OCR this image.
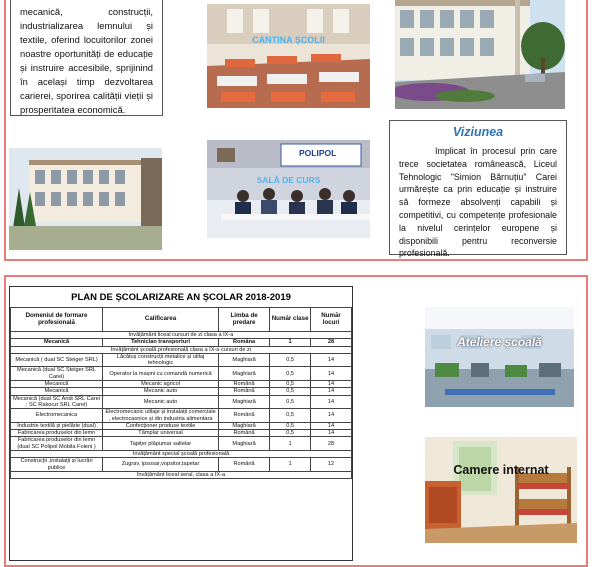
mecanică, construcții, industrializarea lemnului și textile, oferind locuitorilor zonei noastre oportunități de educație și instruire accesibile, sprijinind în același timp dezvoltarea carierei, sporirea calității vieții și prosperitatea economică.
CANTINA ȘCOLII
POLIPOL
SALĂ DE CURS
Viziunea
Implicat în procesul prin care trece societatea românească, Liceul Tehnologic "Simion Bărnuțiu" Carei urmărește ca prin educație și instruire să formeze absolvenți capabili și competitivi, cu competențe profesionale la nivelul cerințelor europene și disponibili pentru reconversie profesională.
PLAN DE ȘCOLARIZARE AN ȘCOLAR 2018-2019
Domeniul de formare profesională	Calificarea	Limba de predare	Număr clase	Număr locuri
Învățământ liceal cursuri de zi clasa a IX-a				
Mecanică	Tehnician transporturi	Româna	1	28
Învățământ școală profesională clasa a IX-a cursuri de zi				
Mecanică ( dual SC Steiger SRL)	Lăcătuș construcții metalice și utilaj tehnologic	Maghiară	0,5	14
Mecanică (dual SC Steiger SRL Carei)	Operator la mașini cu comandă numerică	Maghiară	0,5	14
Mecanică	Mecanic agricol	Română	0,5	14
Mecanică	Mecanic auto	Română	0,5	14
Mecanică (dual SC Andi SRL Carei ; SC Rakoczi SRL Carei)	Mecanic auto	Maghiară	0,5	14
Electromecanica	Electromecanic utilaje și instalații comerciale , electrocasnice și din industria alimentara	Română	0,5	14
Industrie textilă și pielărie (dual)	Confecționer produse textile	Maghiară	0,5	14
Fabricarea produselor din lemn	Tâmplar universal	Română	0,5	14
Fabricarea produselor din lemn (dual SC Polipol Mobila Foleni )	Tapițer plăpumar saltelar	Maghiară	1	28
Învățământ special școală profesională				
Construcții ,instalații și lucrări publice	Zugrav, ipsosar,vopsitor,tapetar	Română	1	12
Învățământ liceal seral, clasa a IX-a				
Ateliere școală
Camere internat
